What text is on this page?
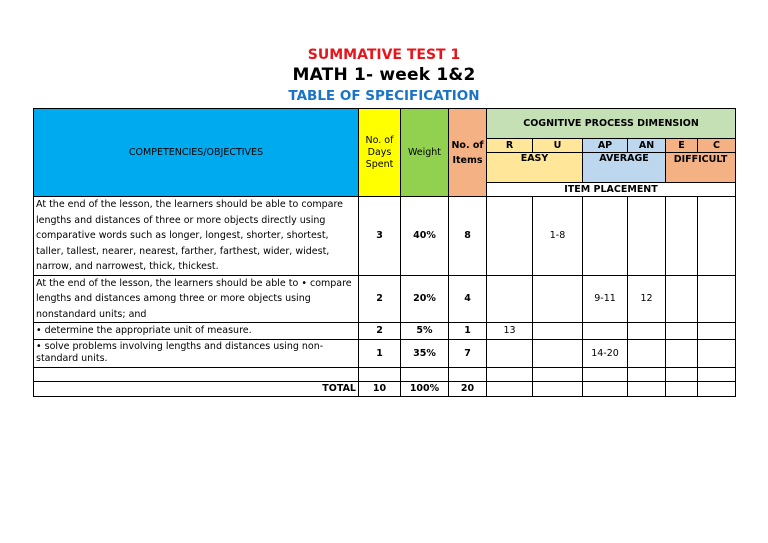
SUMMATIVE TEST 1
MATH 1- week 1&2
TABLE OF SPECIFICATION
COMPETENCIES/OBJECTIVES	No. of Days Spent	Weight	No. of Items	COGNITIVE PROCESS DIMENSION					
				R	U	AP	AN	E	C
				EASY		AVERAGE		DIFFICULT	
				ITEM PLACEMENT					
At the end of the lesson, the learners should be able to compare lengths and distances of three or more objects directly using comparative words such as longer, longest, shorter, shortest, taller, tallest, nearer, nearest, farther, farthest, wider, widest, narrow, and narrowest, thick, thickest.	3	40%	8		1-8				
At the end of the lesson, the learners should be able to • compare lengths and distances among three or more objects using nonstandard units; and	2	20%	4			9-11	12		
• determine the appropriate unit of measure.	2	5%	1	13					
• solve problems involving lengths and distances using non-standard units.	1	35%	7			14-20			

TOTAL	10	100%	20						
